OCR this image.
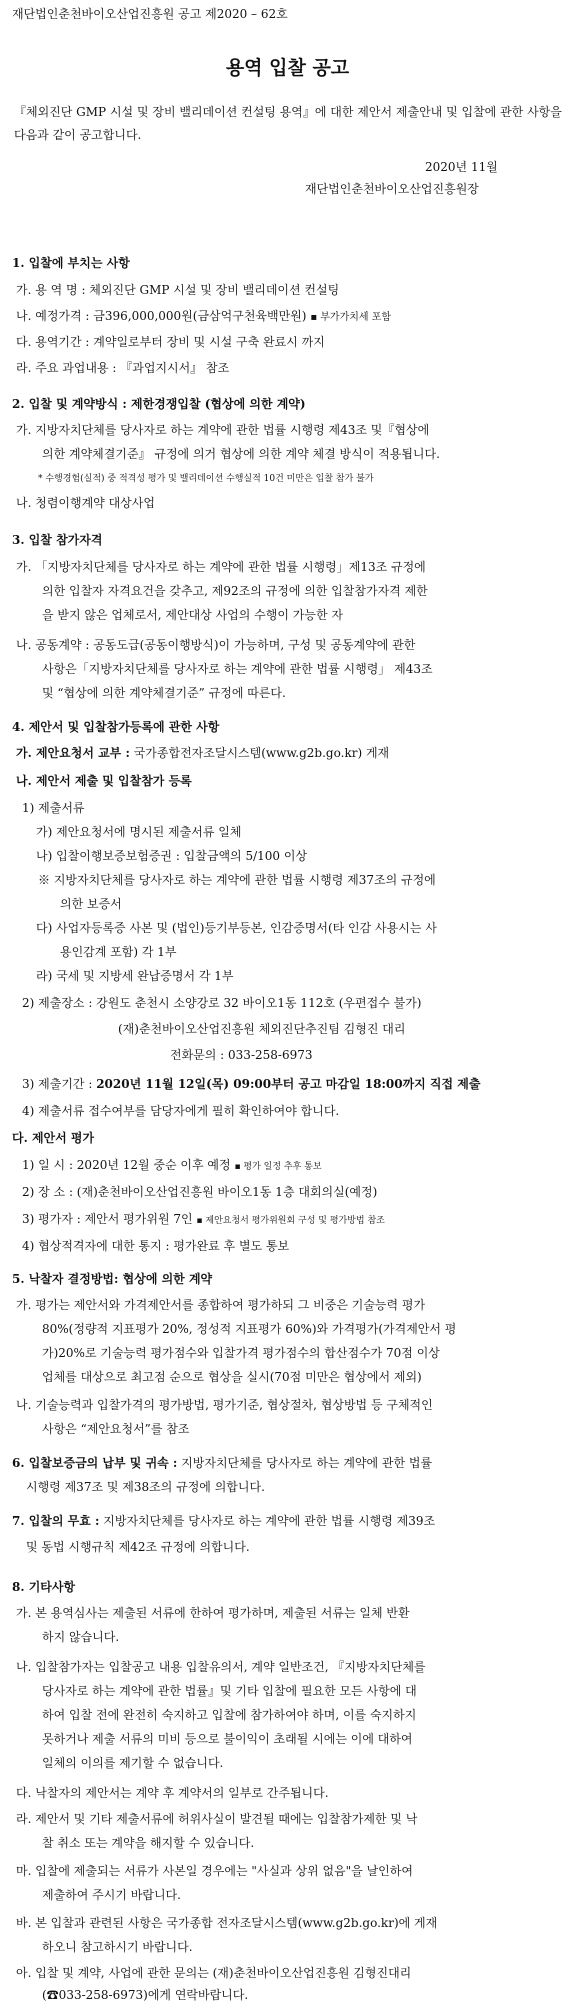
재단법인춘천바이오산업진흥원 공고 제2020 – 62호
용역 입찰 공고
『체외진단 GMP 시설 및 장비 밸리데이션 컨설팅 용역』에 대한 제안서 제출안내 및 입찰에 관한 사항을 다음과 같이 공고합니다.
2020년 11월
재단법인춘천바이오산업진흥원장
1. 입찰에 부치는 사항
가. 용 역 명 : 체외진단 GMP 시설 및 장비 밸리데이션 컨설팅
나. 예정가격 : 금396,000,000원(금삼억구천육백만원) ▪ 부가가치세 포함
다. 용역기간 : 계약일로부터 장비 및 시설 구축 완료시 까지
라. 주요 과업내용 : 『과업지시서』 참조
2. 입찰 및 계약방식 : 제한경쟁입찰 (협상에 의한 계약)
가. 지방자치단체를 당사자로 하는 계약에 관한 법률 시행령 제43조 및『협상에
의한 계약체결기준』 규정에 의거 협상에 의한 계약 체결 방식이 적용됩니다.
* 수행경험(실적) 중 적격성 평가 및 밸리데이션 수행실적 10건 미만은 입찰 참가 불가
나. 청렴이행계약 대상사업
3. 입찰 참가자격
가. 「지방자치단체를 당사자로 하는 계약에 관한 법률 시행령」제13조 규정에
의한 입찰자 자격요건을 갖추고, 제92조의 규정에 의한 입찰참가자격 제한
을 받지 않은 업체로서, 제안대상 사업의 수행이 가능한 자
나. 공동계약 : 공동도급(공동이행방식)이 가능하며, 구성 및 공동계약에 관한
사항은「지방자치단체를 당사자로 하는 계약에 관한 법률 시행령」 제43조
및 “협상에 의한 계약체결기준” 규정에 따른다.
4. 제안서 및 입찰참가등록에 관한 사항
가. 제안요청서 교부 : 국가종합전자조달시스템(www.g2b.go.kr) 게재
나. 제안서 제출 및 입찰참가 등록
1) 제출서류
가) 제안요청서에 명시된 제출서류 일체
나) 입찰이행보증보험증권 : 입찰금액의 5/100 이상
※ 지방자치단체를 당사자로 하는 계약에 관한 법률 시행령 제37조의 규정에
의한 보증서
다) 사업자등록증 사본 및 (법인)등기부등본, 인감증명서(타 인감 사용시는 사
용인감계 포함) 각 1부
라) 국세 및 지방세 완납증명서 각 1부
2) 제출장소 : 강원도 춘천시 소양강로 32 바이오1동 112호 (우편접수 불가)
(재)춘천바이오산업진흥원 체외진단추진팀 김형진 대리
전화문의 : 033-258-6973
3) 제출기간 : 2020년 11월 12일(목) 09:00부터 공고 마감일 18:00까지 직접 제출
4) 제출서류 접수여부를 담당자에게 필히 확인하여야 합니다.
다. 제안서 평가
1) 일 시 : 2020년 12월 중순 이후 예정 ▪ 평가 일정 추후 통보
2) 장 소 : (재)춘천바이오산업진흥원 바이오1동 1층 대회의실(예정)
3) 평가자 : 제안서 평가위원 7인 ▪ 제안요청서 평가위원회 구성 및 평가방법 참조
4) 협상적격자에 대한 통지 : 평가완료 후 별도 통보
5. 낙찰자 결정방법: 협상에 의한 계약
가. 평가는 제안서와 가격제안서를 종합하여 평가하되 그 비중은 기술능력 평가
80%(정량적 지표평가 20%, 정성적 지표평가 60%)와 가격평가(가격제안서 평
가)20%로 기술능력 평가점수와 입찰가격 평가점수의 합산점수가 70점 이상
업체를 대상으로 최고점 순으로 협상을 실시(70점 미만은 협상에서 제외)
나. 기술능력과 입찰가격의 평가방법, 평가기준, 협상절차, 협상방법 등 구체적인
사항은 “제안요청서”를 참조
6. 입찰보증금의 납부 및 귀속 : 지방자치단체를 당사자로 하는 계약에 관한 법률
시행령 제37조 및 제38조의 규정에 의합니다.
7. 입찰의 무효 : 지방자치단체를 당사자로 하는 계약에 관한 법률 시행령 제39조
및 동법 시행규칙 제42조 규정에 의합니다.
8. 기타사항
가. 본 용역심사는 제출된 서류에 한하여 평가하며, 제출된 서류는 일체 반환
하지 않습니다.
나. 입찰참가자는 입찰공고 내용 입찰유의서, 계약 일반조건, 『지방자치단체를
당사자로 하는 계약에 관한 법률』및 기타 입찰에 필요한 모든 사항에 대
하여 입찰 전에 완전히 숙지하고 입찰에 참가하여야 하며, 이를 숙지하지
못하거나 제출 서류의 미비 등으로 불이익이 초래될 시에는 이에 대하여
일체의 이의를 제기할 수 없습니다.
다. 낙찰자의 제안서는 계약 후 계약서의 일부로 간주됩니다.
라. 제안서 및 기타 제출서류에 허위사실이 발견될 때에는 입찰참가제한 및 낙
찰 취소 또는 계약을 해지할 수 있습니다.
마. 입찰에 제출되는 서류가 사본일 경우에는 "사실과 상위 없음"을 날인하여
제출하여 주시기 바랍니다.
바. 본 입찰과 관련된 사항은 국가종합 전자조달시스템(www.g2b.go.kr)에 게재
하오니 참고하시기 바랍니다.
아. 입찰 및 계약, 사업에 관한 문의는 (재)춘천바이오산업진흥원 김형진대리
(☎033-258-6973)에게 연락바랍니다.
